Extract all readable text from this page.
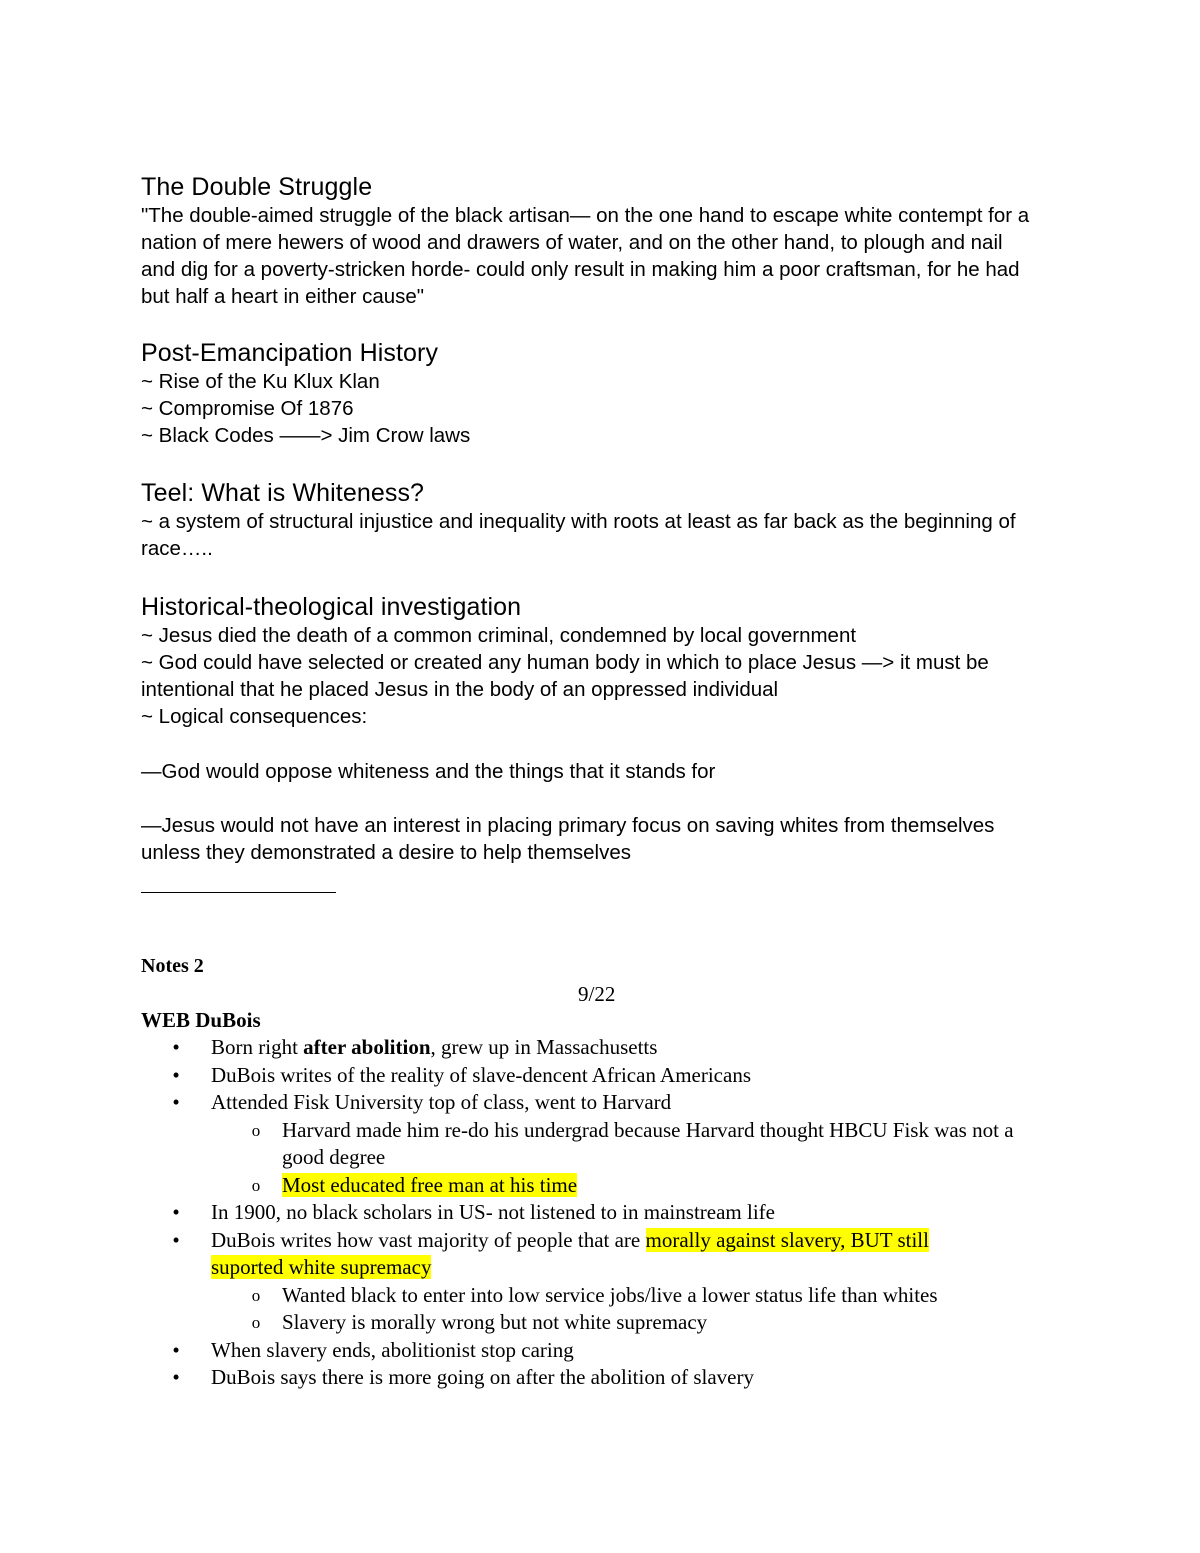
The Double Struggle

"The double-aimed struggle of the black artisan— on the one hand to escape white contempt for a nation of mere hewers of wood and drawers of water, and on the other hand, to plough and nail and dig for a poverty-stricken horde- could only result in making him a poor craftsman, for he had but half a heart in either cause"

Post-Emancipation History

~ Rise of the Ku Klux Klan

~ Compromise Of 1876

~ Black Codes ——> Jim Crow laws

Teel: What is Whiteness?

~ a system of structural injustice and inequality with roots at least as far back as the beginning of race…..

Historical-theological investigation

~ Jesus died the death of a common criminal, condemned by local government

~ God could have selected or created any human body in which to place Jesus —> it must be intentional that he placed Jesus in the body of an oppressed individual

~ Logical consequences:

—God would oppose whiteness and the things that it stands for

—Jesus would not have an interest in placing primary focus on saving whites from themselves unless they demonstrated a desire to help themselves

Notes 2
9/22
WEB DuBois
•	Born right after abolition, grew up in Massachusetts
•	DuBois writes of the reality of slave-dencent African Americans
•	Attended Fisk University top of class, went to Harvard
o Harvard made him re-do his undergrad because Harvard thought HBCU Fisk was not a good degree
o Most educated free man at his time
•	In 1900, no black scholars in US- not listened to in mainstream life
•	DuBois writes how vast majority of people that are morally against slavery, BUT still
suported white supremacy
o Wanted black to enter into low service jobs/live a lower status life than whites
o Slavery is morally wrong but not white supremacy
•	When slavery ends, abolitionist stop caring
•	DuBois says there is more going on after the abolition of slavery
